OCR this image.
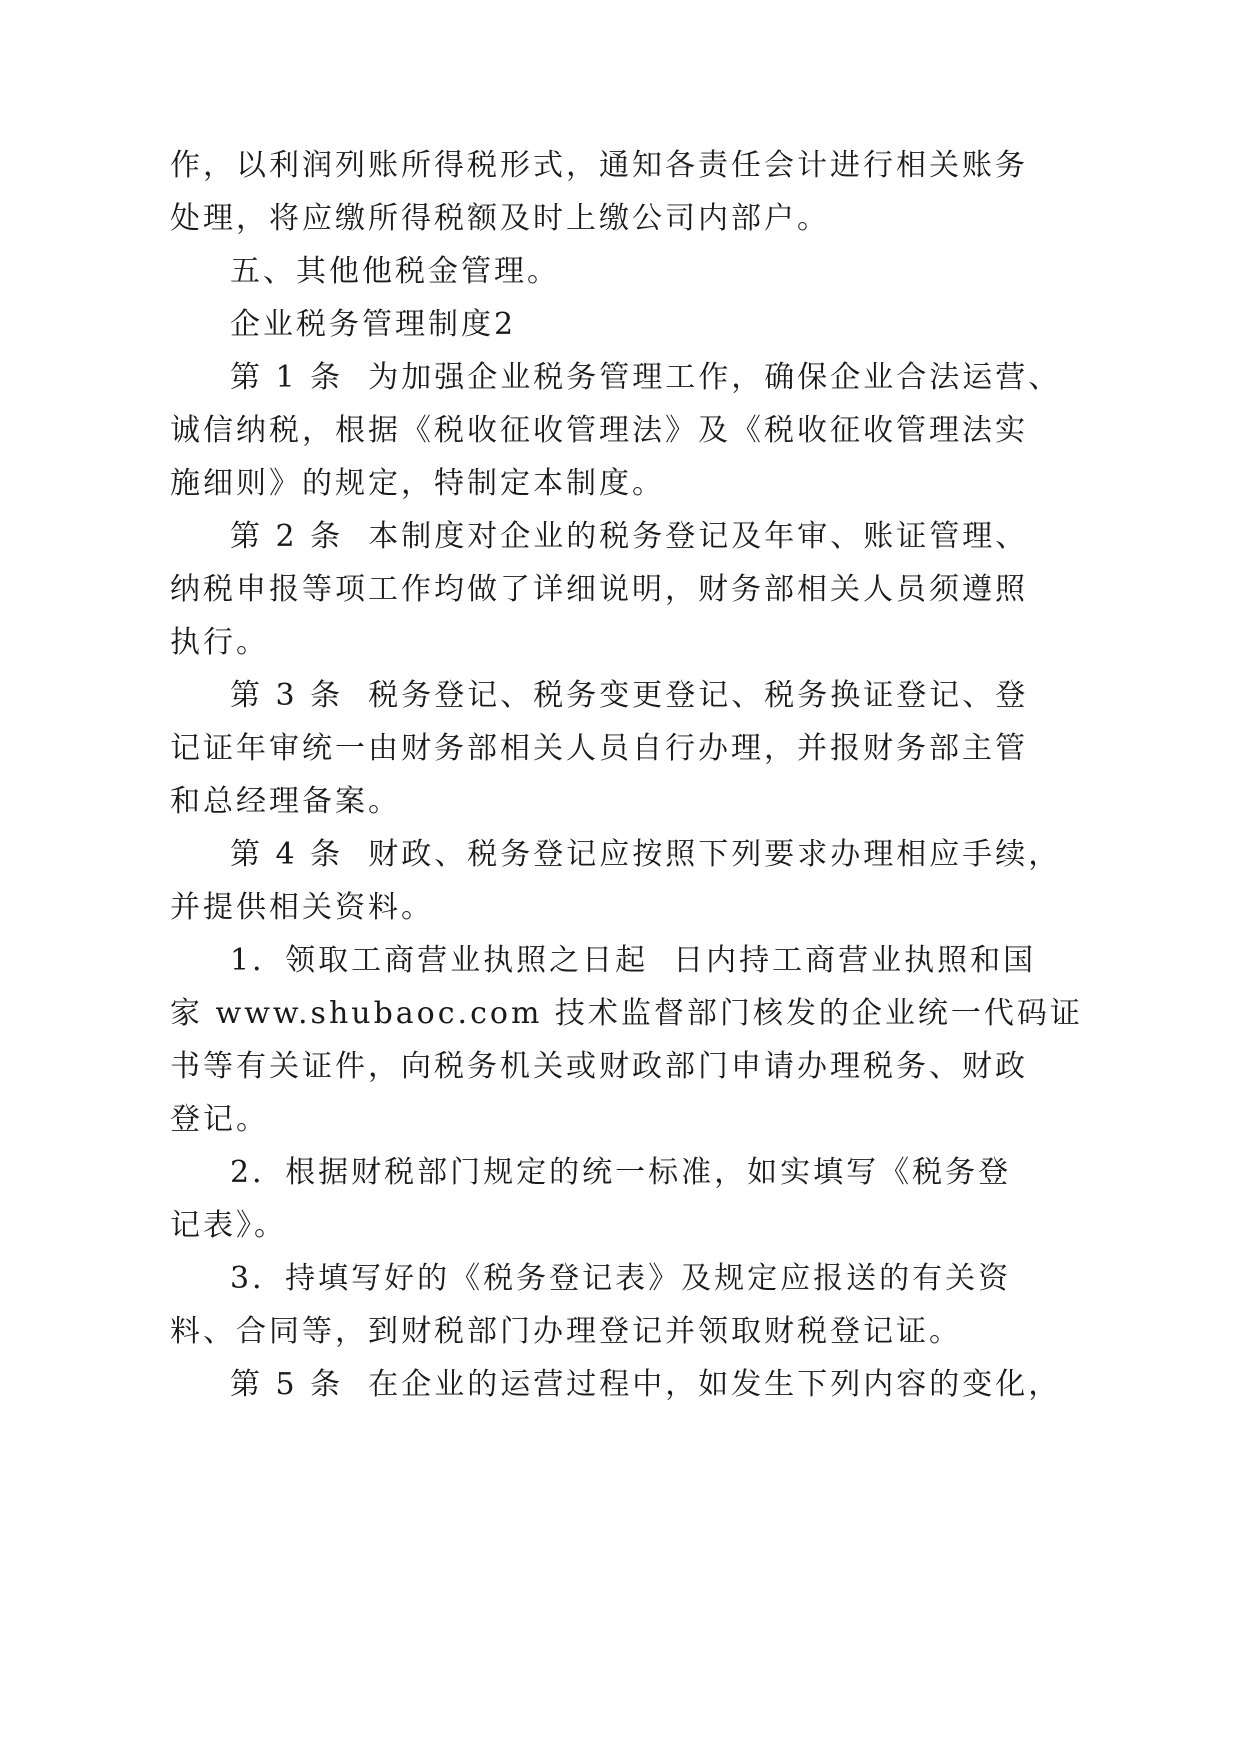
作，以利润列账所得税形式，通知各责任会计进行相关账务
处理，将应缴所得税额及时上缴公司内部户。
五、其他他税金管理。
企业税务管理制度2
第 1 条  为加强企业税务管理工作，确保企业合法运营、
诚信纳税，根据《税收征收管理法》及《税收征收管理法实
施细则》的规定，特制定本制度。
第 2 条  本制度对企业的税务登记及年审、账证管理、
纳税申报等项工作均做了详细说明，财务部相关人员须遵照
执行。
第 3 条  税务登记、税务变更登记、税务换证登记、登
记证年审统一由财务部相关人员自行办理，并报财务部主管
和总经理备案。
第 4 条  财政、税务登记应按照下列要求办理相应手续，
并提供相关资料。
1．领取工商营业执照之日起  日内持工商营业执照和国
家 www.shubaoc.com 技术监督部门核发的企业统一代码证
书等有关证件，向税务机关或财政部门申请办理税务、财政
登记。
2．根据财税部门规定的统一标准，如实填写《税务登
记表》。
3．持填写好的《税务登记表》及规定应报送的有关资
料、合同等，到财税部门办理登记并领取财税登记证。
第 5 条  在企业的运营过程中，如发生下列内容的变化，
